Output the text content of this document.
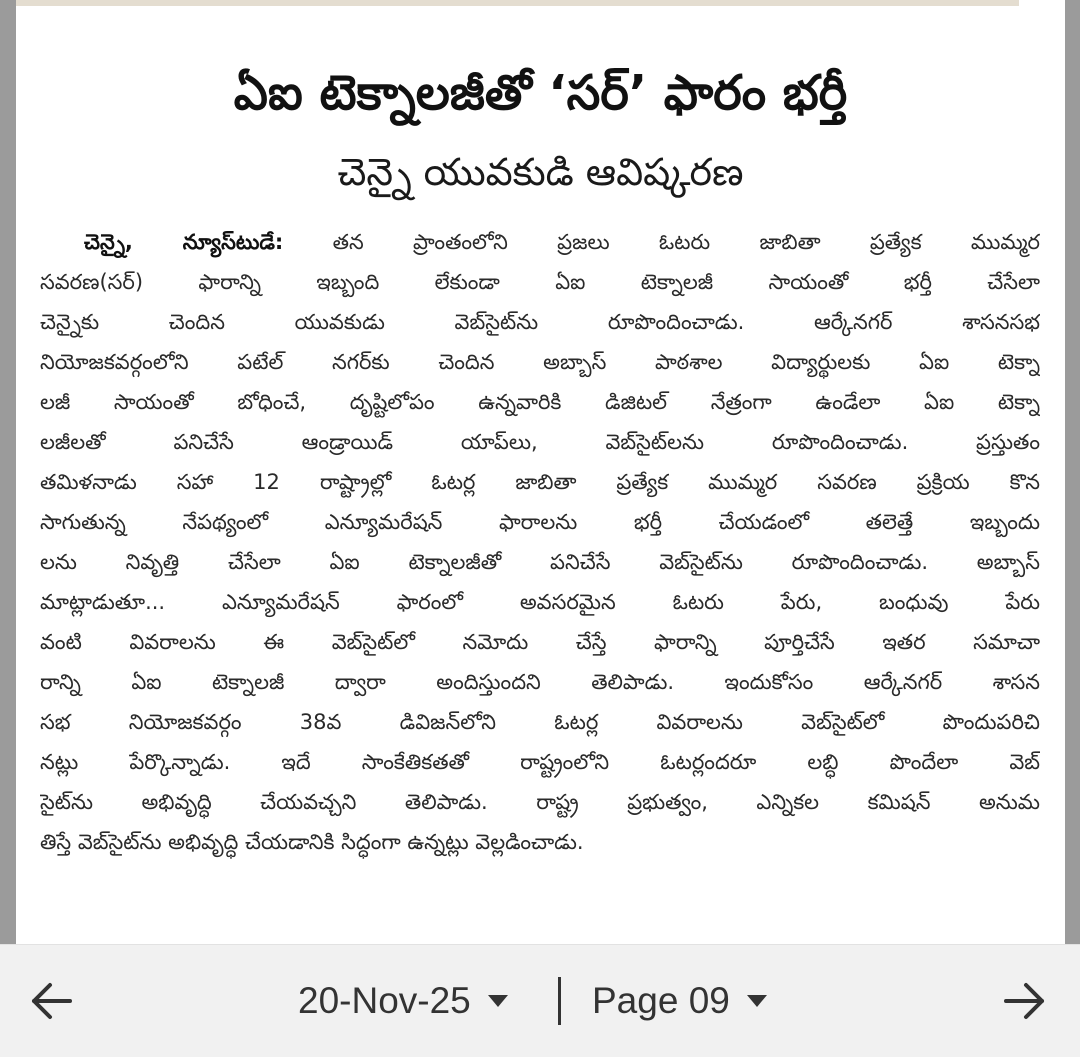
ఏఐ టెక్నాలజీతో ‘సర్’ ఫారం భర్తీ
చెన్నై యువకుడి ఆవిష్కరణ
చెన్నై, న్యూస్‌టుడే: తన ప్రాంతంలోని ప్రజలు ఓటరు జాబితా ప్రత్యేక ముమ్మర
సవరణ(సర్) ఫారాన్ని ఇబ్బంది లేకుండా ఏఐ టెక్నాలజీ సాయంతో భర్తీ చేసేలా
చెన్నైకు చెందిన యువకుడు వెబ్‌సైట్‌ను రూపొందించాడు. ఆర్కేనగర్ శాసనసభ
నియోజకవర్గంలోని పటేల్ నగర్‌కు చెందిన అబ్బాస్ పాఠశాల విద్యార్థులకు ఏఐ టెక్నా
లజీ సాయంతో బోధించే, దృష్టిలోపం ఉన్నవారికి డిజిటల్ నేత్రంగా ఉండేలా ఏఐ టెక్నా
లజీలతో పనిచేసే ఆండ్రాయిడ్ యాప్‌లు, వెబ్‌సైట్‌లను రూపొందించాడు. ప్రస్తుతం
తమిళనాడు సహా 12 రాష్ట్రాల్లో ఓటర్ల జాబితా ప్రత్యేక ముమ్మర సవరణ ప్రక్రియ కొన
సాగుతున్న నేపథ్యంలో ఎన్యూమరేషన్ ఫారాలను భర్తీ చేయడంలో తలెత్తే ఇబ్బందు
లను నివృత్తి చేసేలా ఏఐ టెక్నాలజీతో పనిచేసే వెబ్‌సైట్‌ను రూపొందించాడు. అబ్బాస్
మాట్లాడుతూ... ఎన్యూమరేషన్ ఫారంలో అవసరమైన ఓటరు పేరు, బంధువు పేరు
వంటి వివరాలను ఈ వెబ్‌సైట్‌లో నమోదు చేస్తే ఫారాన్ని పూర్తిచేసే ఇతర సమాచా
రాన్ని ఏఐ టెక్నాలజీ ద్వారా అందిస్తుందని తెలిపాడు. ఇందుకోసం ఆర్కేనగర్ శాసన
సభ నియోజకవర్గం 38వ డివిజన్‌లోని ఓటర్ల వివరాలను వెబ్‌సైట్‌లో పొందుపరిచి
నట్లు పేర్కొన్నాడు. ఇదే సాంకేతికతతో రాష్ట్రంలోని ఓటర్లందరూ లబ్ధి పొందేలా వెబ్
సైట్‌ను అభివృద్ధి చేయవచ్చని తెలిపాడు. రాష్ట్ర ప్రభుత్వం, ఎన్నికల కమిషన్ అనుమ
తిస్తే వెబ్‌సైట్‌ను అభివృద్ధి చేయడానికి సిద్ధంగా ఉన్నట్లు వెల్లడించాడు.
20-Nov-25	Page 09
